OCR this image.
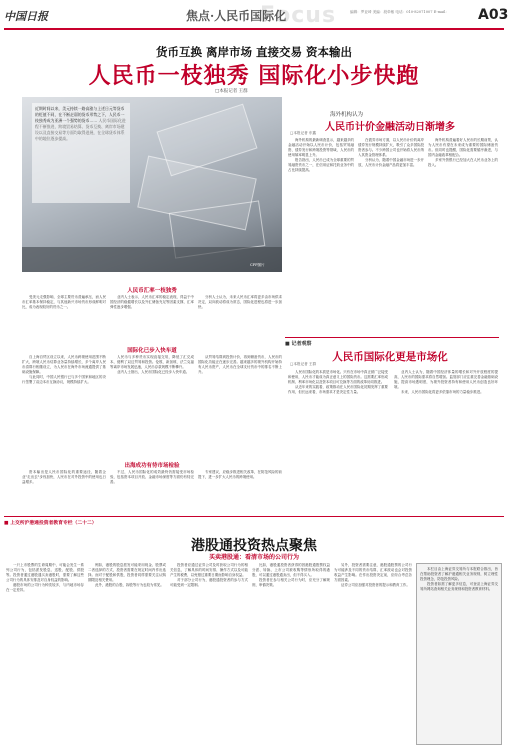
中国日报	Focus
焦点·人民币国际化	编辑：罗亚琦 美编：段牵敏 电话：010-82071007 E-mail： A03
货币互换 离岸市场 直接交易 资本输出
人民币一枝独秀 国际化小步快跑
□本报记者 王群
近期时间以来，美元持续一路高涨与上述日元等货币的贬值不同，在不断走弱的货币形势之下，人民币一枝独秀成为亚洲一个强势的货币…… 人民币国际化进程不断推进，跨境贸易结算、货币互换、离岸市场建设以及直接交易等方面均取得进展，在全球货币体系中的地位逐步提高。
CFP图片
人民币汇率一枝独秀

受美元走强影响，全球主要货币普遍承压，而人民币汇率基本保持稳定，与其他新兴市场货币形成鲜明对比，成为表现较好的货币之一。

业内人士表示，人民币汇率的稳定表现，得益于中国经济的稳健增长以及外汇储备充足等因素支撑，汇率弹性逐步增强。

分析人士认为，未来人民币汇率将更多由市场供求决定，双向波动将成为常态，国际化进程也将进一步加快。

国际化已步入快车道

自上海自贸区设立以来，人民币跨境使用范围不断扩大，跨境人民币结算业务量持续增长，多个离岸人民币清算行相继设立，为人民币在海外市场流通提供了基础设施保障。

与此同时，中国人民银行已与多个国家和地区的央行签署了双边本币互换协议，规模持续扩大。

人民币与多种货币实现直接交易，降低了汇兑成本，便利了双边贸易和投资。伦敦、新加坡、法兰克福等离岸市场发展迅速，人民币存款规模不断攀升。

业内人士指出，人民币国际化已经步入快车道。

从贸易结算到投资计价，再到储备货币，人民币的国际化功能正在逐步完善。越来越多的境外机构开始持有人民币资产，人民币在全球支付货币中的排名不断上升。

出海成功有待市场检验

资本输出是人民币国际化的重要途径，随着企业"走出去"步伐加快，人民币在对外投资中的使用也日益增多。

不过，人民币国际化的成效最终仍需接受市场检验，包括资本项目开放、金融市场深度等方面仍有待完善。

专家建议，应稳步推进相关改革，在防范风险的前提下，进一步扩大人民币的跨境使用。

海外机构认为
人民币计价金融活动日渐增多
□本报记者 东鑫

海外机构的最新调查显示，越来越多的金融活动开始以人民币计价，包括贸易融资、债券发行和跨境投资等领域，人民币的使用频率明显上升。

报告指出，人民币已成为全球重要的贸易融资货币之一，在信用证和托收业务中的占比持续提高。

在债券市场方面，以人民币计价的离岸债券发行规模持续扩大，吸引了众多国际投资者参与。不少跨国公司也开始将人民币纳入其资金管理体系。

分析认为，随着中国金融市场进一步开放，人民币计价金融产品将更加丰富。

海外机构普遍看好人民币的长期前景，认为人民币有望在未来成为重要的国际储备货币。但同时也提醒，国际化需要循序渐进，与国内金融改革相配合。

多家外资银行已经加大在人民币业务上的投入。

■ 记者观察
人民币国际化更是市场化
□本报记者 王群

人民币国际化的本质是市场化。只有在市场中真正被广泛接受和使用，人民币才能成为真正意义上的国际货币。这需要汇率形成机制、利率市场化以及资本项目可兑换等方面的改革协同推进。

从近年来的实践看，政策推动在人民币国际化初期发挥了重要作用，但长远来看，市场需求才是决定性力量。

业内人士认为，随着中国经济体量的增长和对外开放程度的提高，人民币的国际需求将自然增加。监管部门应注重完善金融基础设施，提高市场透明度，为境外投资者持有和使用人民币创造良好环境。

未来，人民币国际化将更多依靠市场的力量稳步推进。

■ 上交所沪港通投资者教育专栏（二十二）
港股通投资热点聚焦
买卖港股通：看清市场的公司行为

一只上市股票的生命周期中，可能会发生一系列公司行为，包括派发股息、送股、配股、供股等。投资者通过港股通买卖港股时，需要了解这些公司行为的具体安排及对自身权益的影响。

港股市场的公司行为种类较多，与内地市场存在一定差异。

例如，港股的股息派发可能采用现金、股票或二者选择的方式，投资者需要在规定时间内作出选择。而对于配股和供股，投资者同样需要关注认购期限及相关费用。

此外，港股的合股、拆股等行为也较为常见。

投资者应通过证券公司及时获取公司行为的相关信息，了解具体的时间安排、操作方式以及可能产生的税费，以免错过重要日期而影响自身权益。

对于部分公司行为，港股通投资者的参与方式可能受到一定限制。

比如，港股通投资者获得的因港股通股票权益分派、转换、上市公司被收购等情形所取得的港股，可以通过港股通卖出，但不得买入。

投资者在参与相关公司行为时，应充分了解规则，审慎决策。

另外，投资者需要注意，港股通股票的公司行为可能涉及不同的货币结算，汇率波动也会对投资收益产生影响。在作出投资决定前，应综合考虑各方面因素。

证券公司应加强对投资者的提示和教育工作。

本栏目由上海证券交易所与本报联合推出，旨在帮助投资者了解沪港通相关业务规则，树立理性投资理念，防范投资风险。

投资者如需了解更多信息，可登录上海证券交易所网站查询相关业务规则和投资者教育材料。
